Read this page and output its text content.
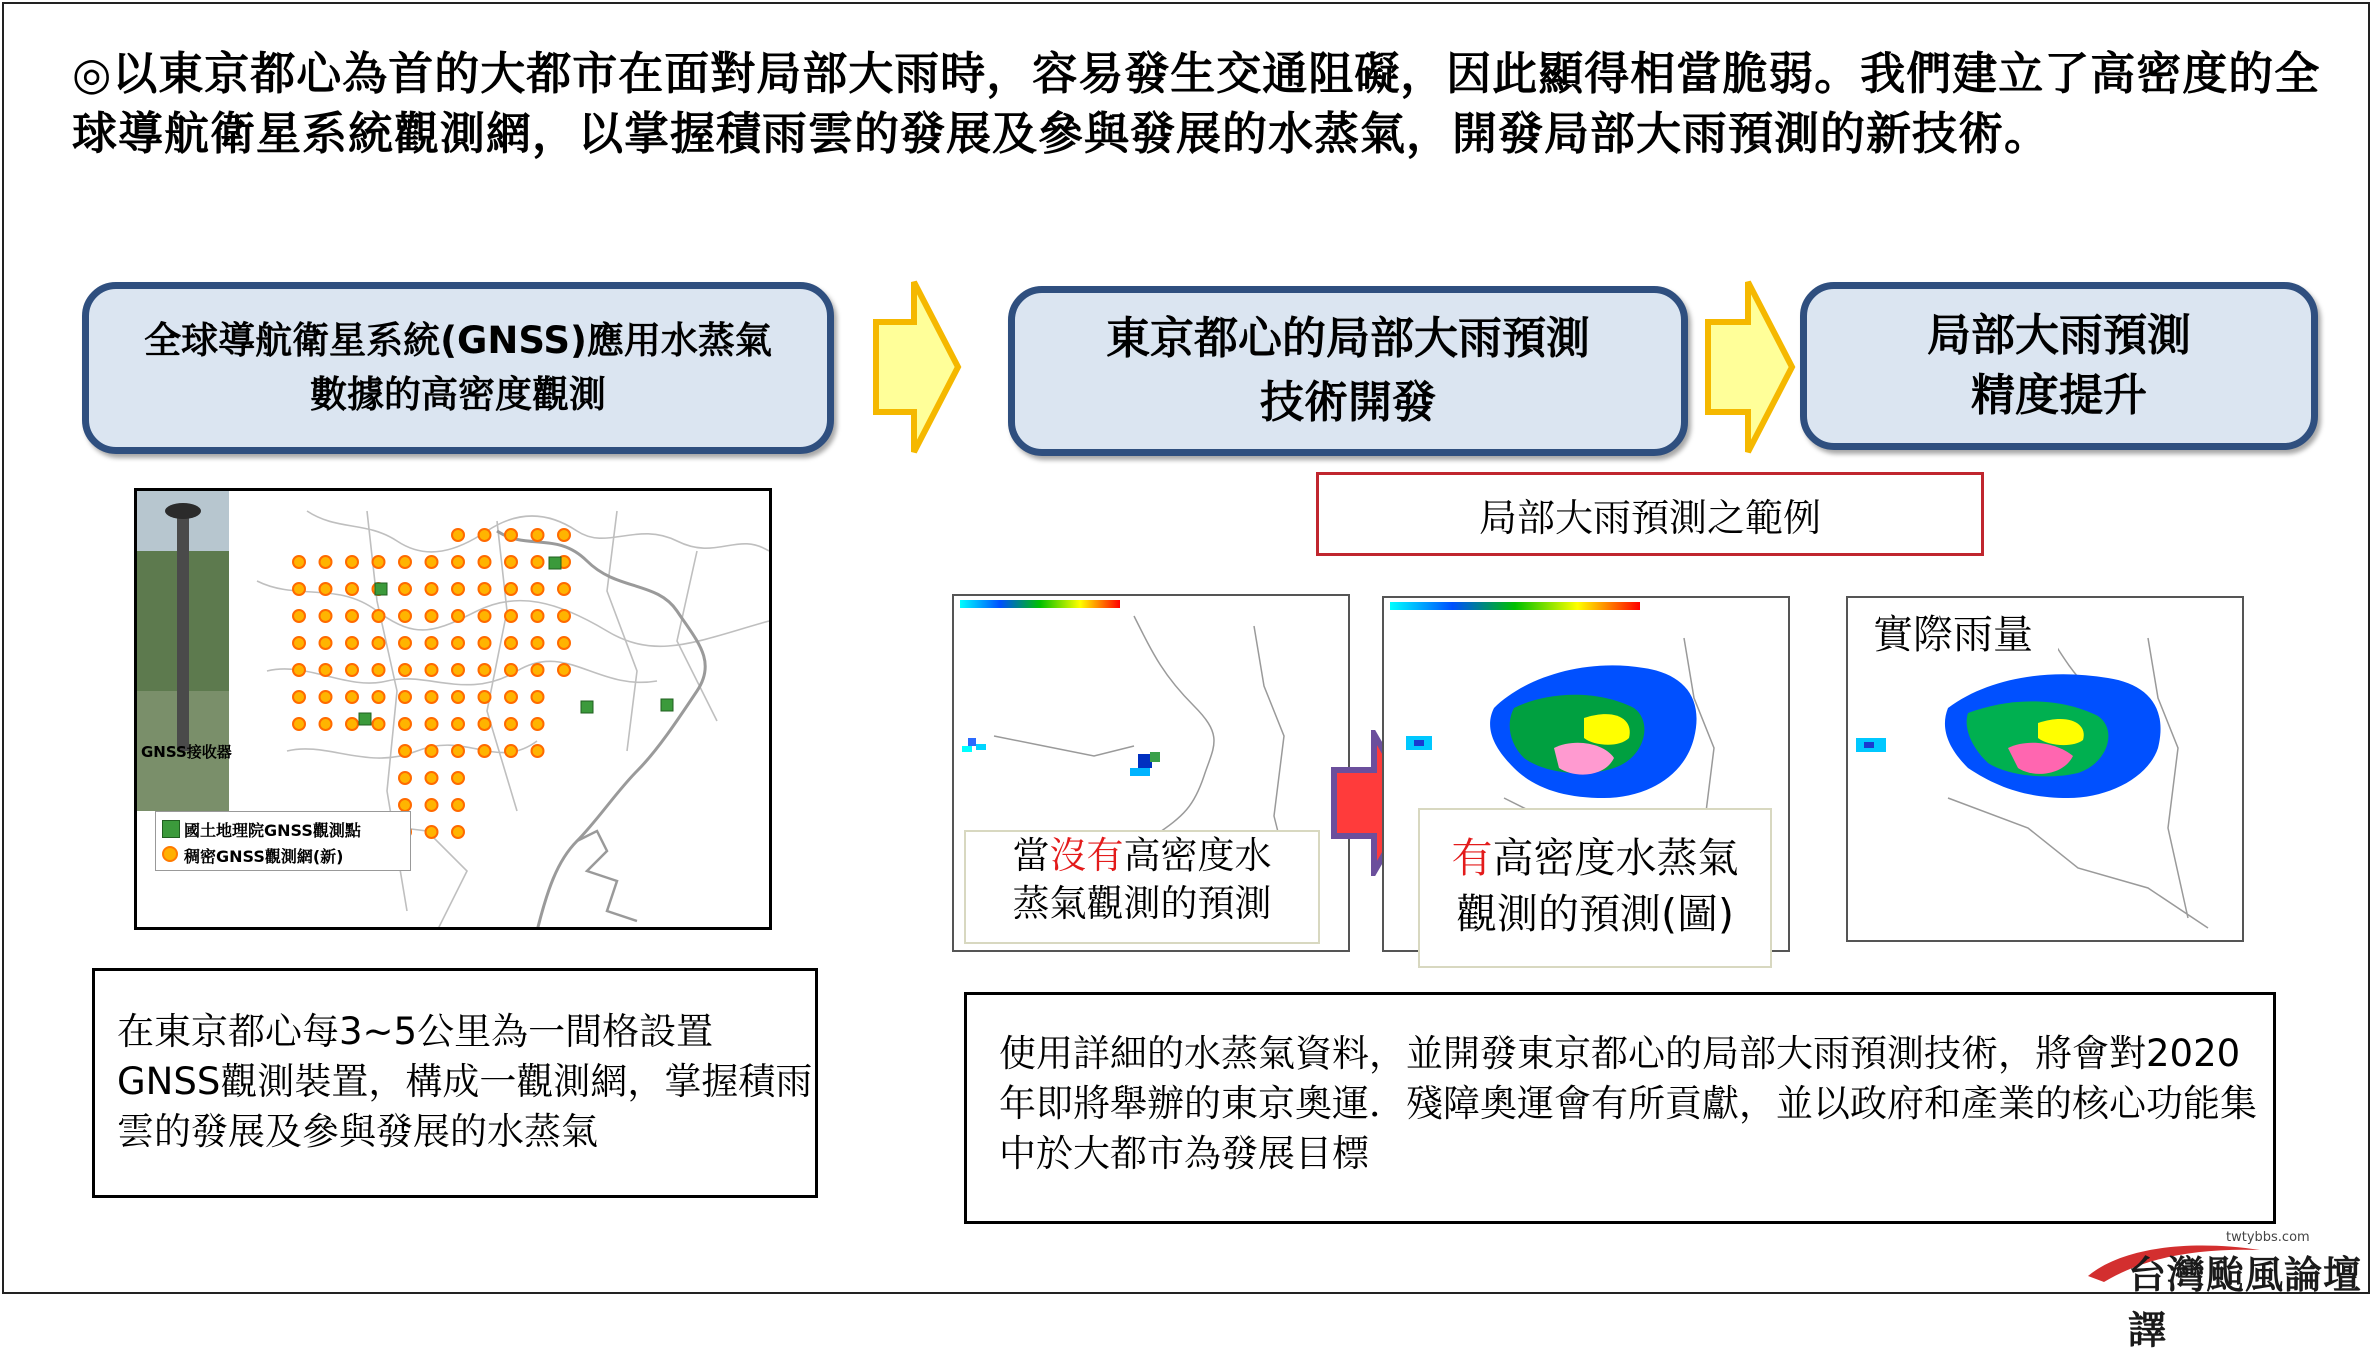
◎以東京都心為首的大都市在面對局部大雨時，容易發生交通阻礙，因此顯得相當脆弱。我們建立了高密度的全球導航衛星系統觀測網，以掌握積雨雲的發展及參與發展的水蒸氣，開發局部大雨預測的新技術。
全球導航衛星系統(GNSS)應用水蒸氣
數據的高密度觀測
東京都心的局部大雨預測
技術開發
局部大雨預測
精度提升
GNSS接收器
國土地理院GNSS觀測點
稠密GNSS觀測網(新)
局部大雨預測之範例
當沒有高密度水
蒸氣觀測的預測
有高密度水蒸氣
觀測的預測(圖)
實際雨量
在東京都心每3~5公里為一間格設置GNSS觀測裝置，構成一觀測網，掌握積雨雲的發展及參與發展的水蒸氣
使用詳細的水蒸氣資料，並開發東京都心的局部大雨預測技術，將會對2020年即將舉辦的東京奧運．殘障奧運會有所貢獻，並以政府和產業的核心功能集中於大都市為發展目標
twtybbs.com
台灣颱風論壇譯
